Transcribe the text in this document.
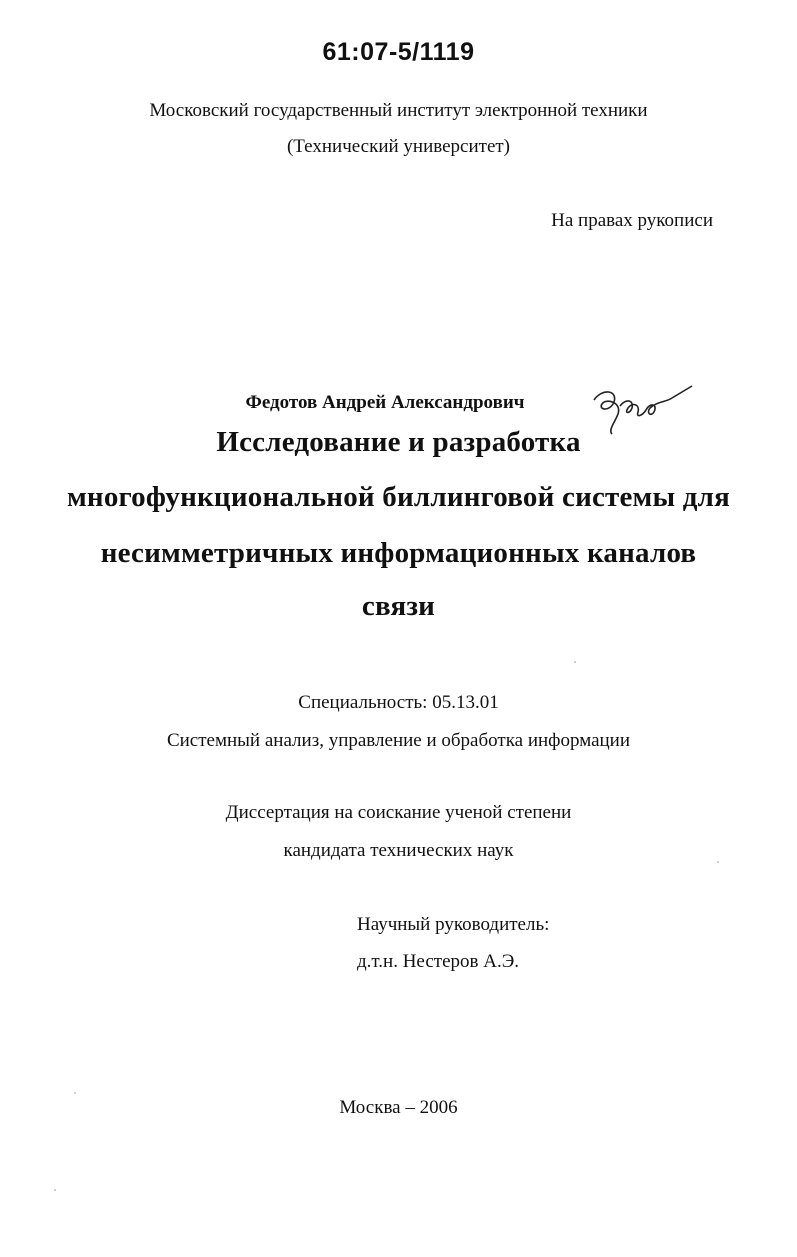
61:07-5/1119
Московский государственный институт электронной техники
(Технический университет)
На правах рукописи
Федотов Андрей Александрович
Исследование и разработка
многофункциональной биллинговой системы для
несимметричных информационных каналов
связи
Специальность: 05.13.01
Системный анализ, управление и обработка информации
Диссертация на соискание ученой степени
кандидата технических наук
Научный руководитель:
д.т.н. Нестеров А.Э.
Москва – 2006
